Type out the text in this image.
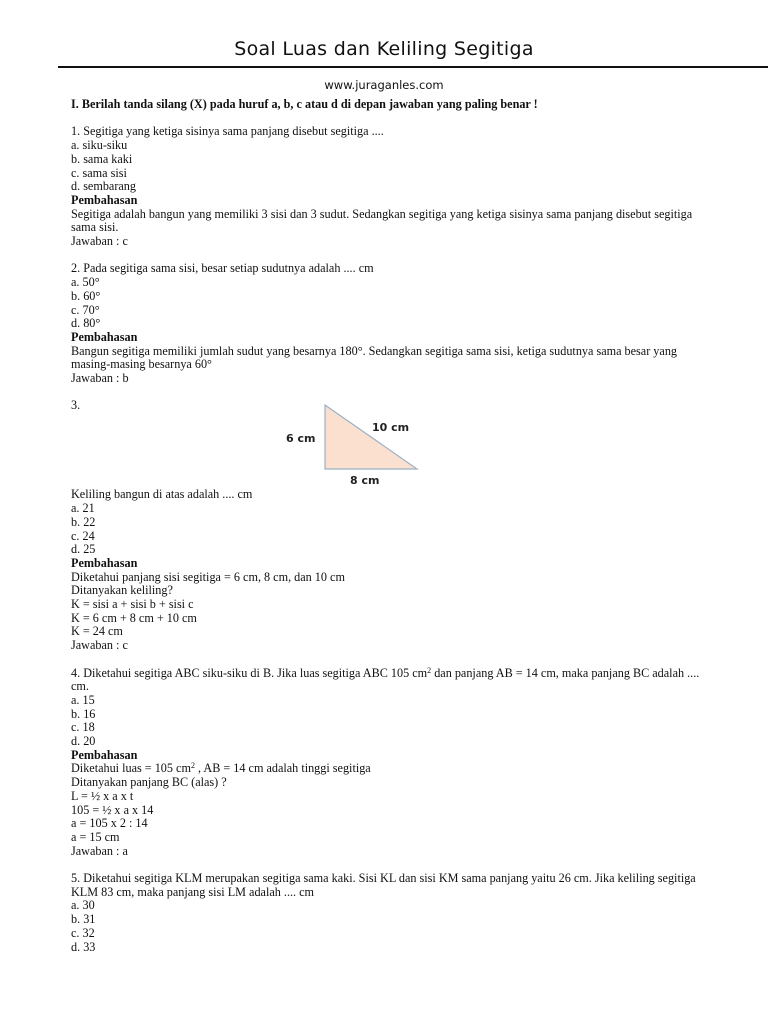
Soal Luas dan Keliling Segitiga
www.juraganles.com
I. Berilah tanda silang (X) pada huruf a, b, c atau d di depan jawaban yang paling benar !
1. Segitiga yang ketiga sisinya sama panjang disebut segitiga ....
a. siku-siku
b. sama kaki
c. sama sisi
d. sembarang
Pembahasan
Segitiga adalah bangun yang memiliki 3 sisi dan 3 sudut. Sedangkan segitiga yang ketiga sisinya sama panjang disebut segitiga sama sisi.
Jawaban : c
2. Pada segitiga sama sisi, besar setiap sudutnya adalah .... cm
a. 50°
b. 60°
c. 70°
d. 80°
Pembahasan
Bangun segitiga memiliki jumlah sudut yang besarnya 180°. Sedangkan segitiga sama sisi, ketiga sudutnya sama besar yang masing-masing besarnya 60°
Jawaban : b
3.
6 cm
10 cm
8 cm
Keliling bangun di atas adalah .... cm
a. 21
b. 22
c. 24
d. 25
Pembahasan
Diketahui panjang sisi segitiga = 6 cm, 8 cm, dan 10 cm
Ditanyakan keliling?
K = sisi a + sisi b + sisi c
K = 6 cm + 8 cm + 10 cm
K = 24 cm
Jawaban : c
4. Diketahui segitiga ABC siku-siku di B. Jika luas segitiga ABC 105 $cm^2$ dan panjang AB = 14 cm, maka panjang BC adalah .... cm.
a. 15
b. 16
c. 18
d. 20
Pembahasan
Diketahui luas = 105 $cm^2$ , AB = 14 cm adalah tinggi segitiga
Ditanyakan panjang BC (alas) ?
L = ½ x a x t
105 = ½ x a x 14
a = 105 x 2 : 14
a = 15 cm
Jawaban : a
5. Diketahui segitiga KLM merupakan segitiga sama kaki. Sisi KL dan sisi KM sama panjang yaitu 26 cm. Jika keliling segitiga KLM 83 cm, maka panjang sisi LM adalah .... cm
a. 30
b. 31
c. 32
d. 33
